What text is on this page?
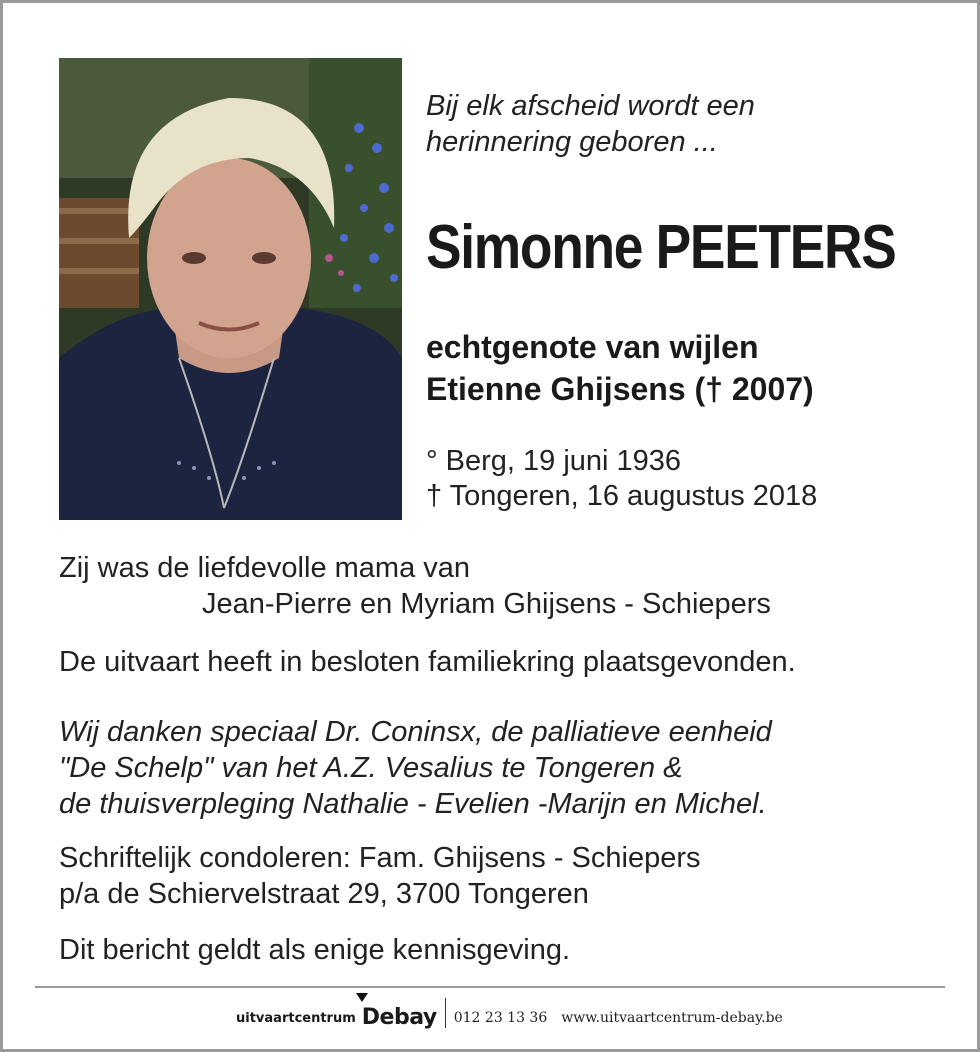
Bij elk afscheid wordt een
herinnering geboren ...
Simonne PEETERS
echtgenote van wijlen
Etienne Ghijsens († 2007)
° Berg, 19 juni 1936
† Tongeren, 16 augustus 2018
Zij was de liefdevolle mama van
Jean-Pierre en Myriam Ghijsens - Schiepers
De uitvaart heeft in besloten familiekring plaatsgevonden.
Wij danken speciaal Dr. Coninsx, de palliatieve eenheid
"De Schelp" van het A.Z. Vesalius te Tongeren &
de thuisverpleging Nathalie - Evelien -Marijn en Michel.
Schriftelijk condoleren: Fam. Ghijsens - Schiepers
p/a de Schiervelstraat 29, 3700 Tongeren
Dit bericht geldt als enige kennisgeving.
uitvaartcentrum Debay 012 23 13 36 www.uitvaartcentrum-debay.be
